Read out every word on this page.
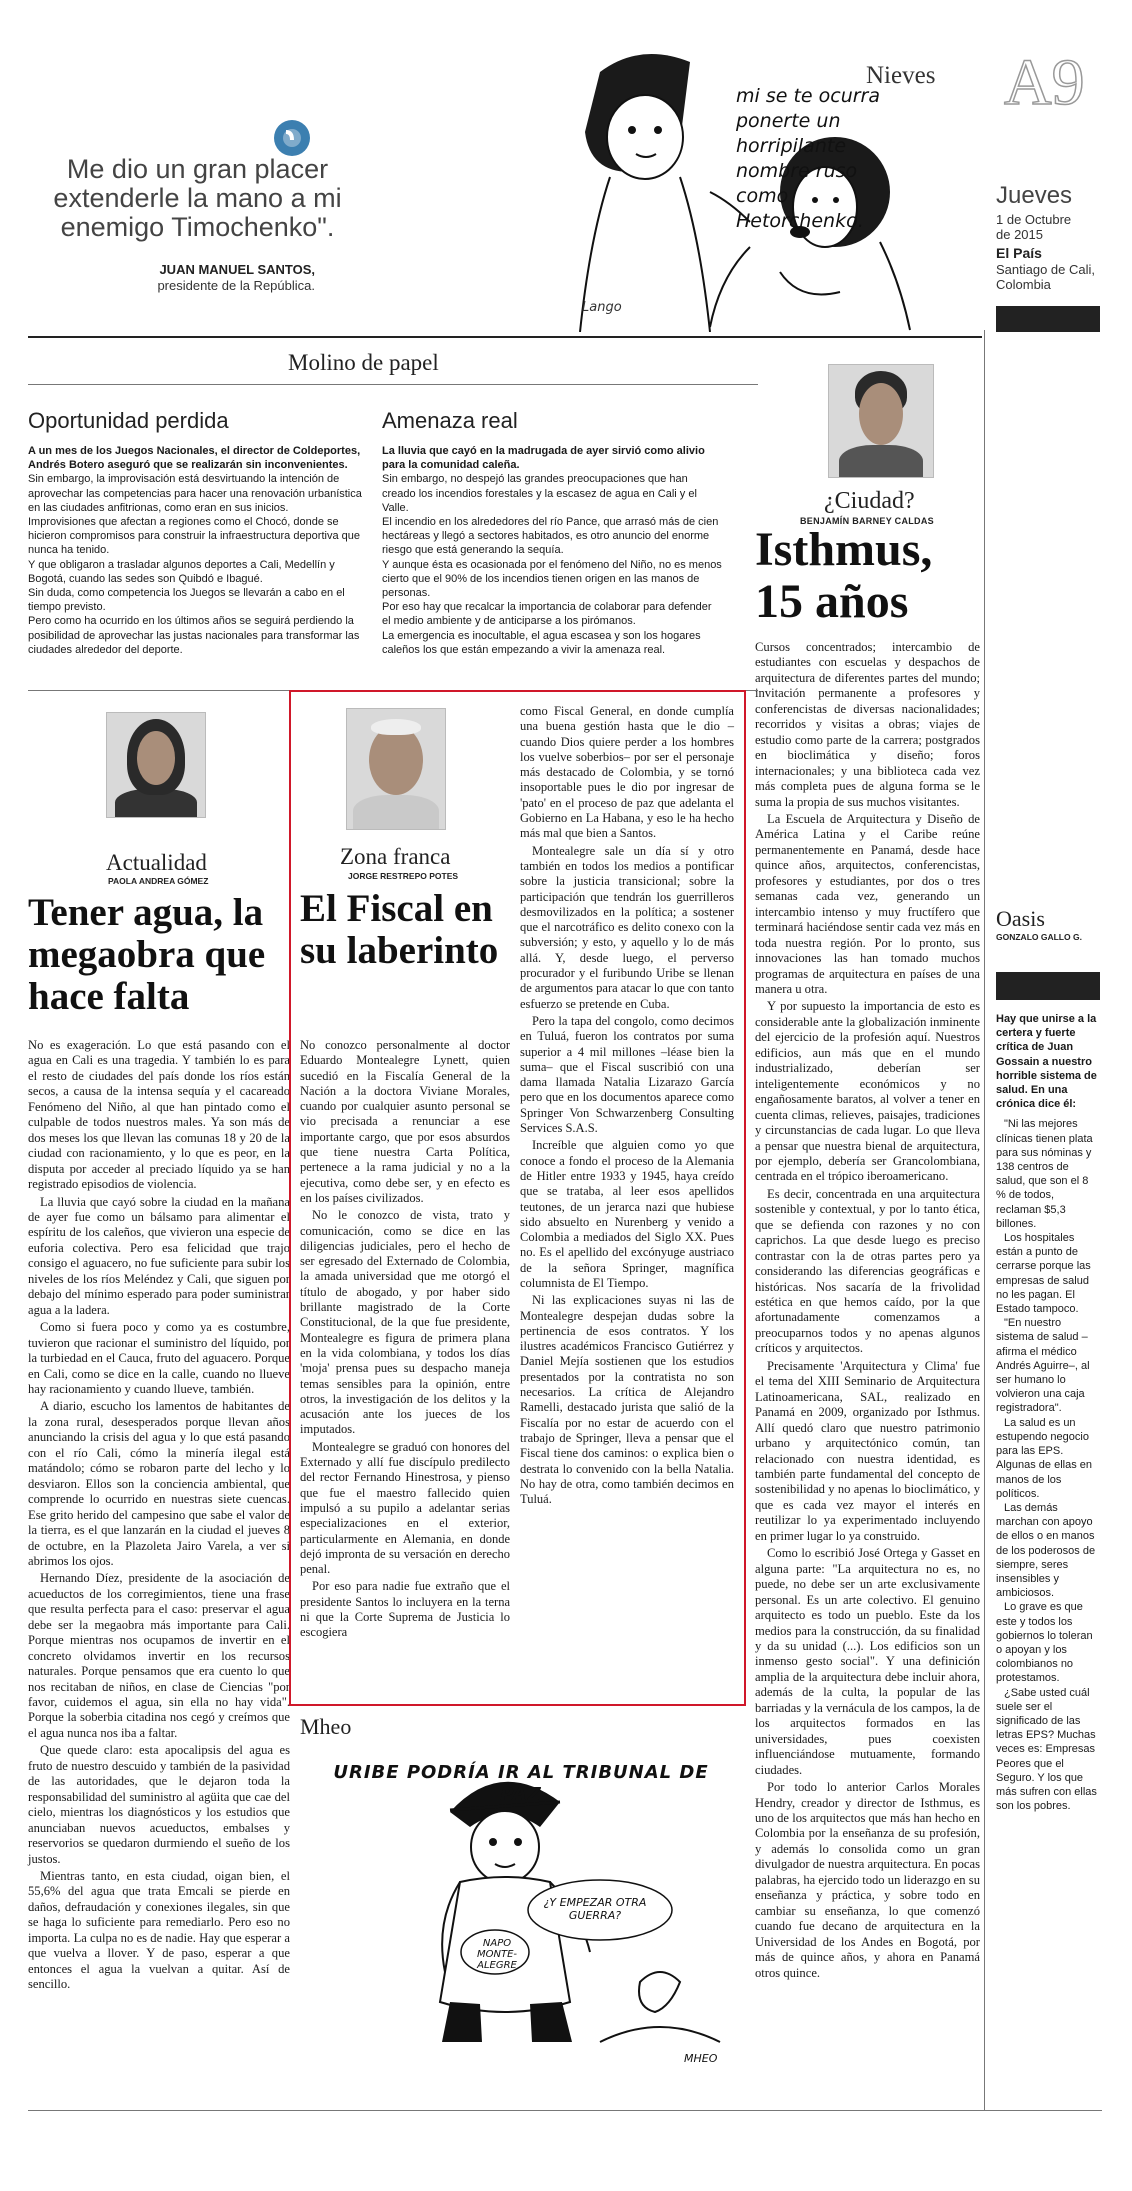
Nieves A9
Jueves
1 de Octubre
de 2015
El País
Santiago de Cali,
Colombia
Me dio un gran placer extenderle la mano a mi enemigo Timochenko".
JUAN MANUEL SANTOS,
presidente de la República.
mi se te ocurra ponerte un horripilante nombre ruso como Hetorchenko.
Lango
Molino de papel
Oportunidad perdida
A un mes de los Juegos Nacionales, el director de Coldeportes, Andrés Botero aseguró que se realizarán sin inconvenientes.
Sin embargo, la improvisación está desvirtuando la intención de aprovechar las competencias para hacer una renovación urbanística en las ciudades anfitrionas, como eran en sus inicios.
Improvisiones que afectan a regiones como el Chocó, donde se hicieron compromisos para construir la infraestructura deportiva que nunca ha tenido.
Y que obligaron a trasladar algunos deportes a Cali, Medellín y Bogotá, cuando las sedes son Quibdó e Ibagué.
Sin duda, como competencia los Juegos se llevarán a cabo en el tiempo previsto.
Pero como ha ocurrido en los últimos años se seguirá perdiendo la posibilidad de aprovechar las justas nacionales para transformar las ciudades alrededor del deporte.
Amenaza real
La lluvia que cayó en la madrugada de ayer sirvió como alivio para la comunidad caleña.
Sin embargo, no despejó las grandes preocupaciones que han creado los incendios forestales y la escasez de agua en Cali y el Valle.
El incendio en los alrededores del río Pance, que arrasó más de cien hectáreas y llegó a sectores habitados, es otro anuncio del enorme riesgo que está generando la sequía.
Y aunque ésta es ocasionada por el fenómeno del Niño, no es menos cierto que el 90% de los incendios tienen origen en las manos de personas.
Por eso hay que recalcar la importancia de colaborar para defender el medio ambiente y de anticiparse a los pirómanos.
La emergencia es inocultable, el agua escasea y son los hogares caleños los que están empezando a vivir la amenaza real.
¿Ciudad?
BENJAMÍN BARNEY CALDAS
Isthmus,
15 años

Cursos concentrados; intercambio de estudiantes con escuelas y despachos de arquitectura de diferentes partes del mundo; invitación permanente a profesores y conferencistas de diversas nacionalidades; recorridos y visitas a obras; viajes de estudio como parte de la carrera; postgrados en bioclimática y diseño; foros internacionales; y una biblioteca cada vez más completa pues de alguna forma se le suma la propia de sus muchos visitantes.

La Escuela de Arquitectura y Diseño de América Latina y el Caribe reúne permanentemente en Panamá, desde hace quince años, arquitectos, conferencistas, profesores y estudiantes, por dos o tres semanas cada vez, generando un intercambio intenso y muy fructífero que terminará haciéndose sentir cada vez más en toda nuestra región. Por lo pronto, sus innovaciones las han tomado muchos programas de arquitectura en países de una manera u otra.

Y por supuesto la importancia de esto es considerable ante la globalización inminente del ejercicio de la profesión aquí. Nuestros edificios, aun más que en el mundo industrializado, deberían ser inteligentemente económicos y no engañosamente baratos, al volver a tener en cuenta climas, relieves, paisajes, tradiciones y circunstancias de cada lugar. Lo que lleva a pensar que nuestra bienal de arquitectura, por ejemplo, debería ser Grancolombiana, centrada en el trópico iberoamericano.

Es decir, concentrada en una arquitectura sostenible y contextual, y por lo tanto ética, que se defienda con razones y no con caprichos. La que desde luego es preciso contrastar con la de otras partes pero ya considerando las diferencias geográficas e históricas. Nos sacaría de la frivolidad estética en que hemos caído, por la que afortunadamente comenzamos a preocuparnos todos y no apenas algunos críticos y arquitectos.

Precisamente 'Arquitectura y Clima' fue el tema del XIII Seminario de Arquitectura Latinoamericana, SAL, realizado en Panamá en 2009, organizado por Isthmus. Allí quedó claro que nuestro patrimonio urbano y arquitectónico común, tan relacionado con nuestra identidad, es también parte fundamental del concepto de sostenibilidad y no apenas lo bioclimático, y que es cada vez mayor el interés en reutilizar lo ya experimentado incluyendo en primer lugar lo ya construido.

Como lo escribió José Ortega y Gasset en alguna parte: "La arquitectura no es, no puede, no debe ser un arte exclusivamente personal. Es un arte colectivo. El genuino arquitecto es todo un pueblo. Este da los medios para la construcción, da su finalidad y da su unidad (...). Los edificios son un inmenso gesto social". Y una definición amplia de la arquitectura debe incluir ahora, además de la culta, la popular de las barriadas y la vernácula de los campos, la de los arquitectos formados en las universidades, pues coexisten influenciándose mutuamente, formando ciudades.

Por todo lo anterior Carlos Morales Hendry, creador y director de Isthmus, es uno de los arquitectos que más han hecho en Colombia por la enseñanza de su profesión, y además lo consolida como un gran divulgador de nuestra arquitectura. En pocas palabras, ha ejercido todo un liderazgo en su enseñanza y práctica, y sobre todo en cambiar su enseñanza, lo que comenzó cuando fue decano de arquitectura en la Universidad de los Andes en Bogotá, por más de quince años, y ahora en Panamá otros quince.

Actualidad
PAOLA ANDREA GÓMEZ
Tener agua, la megaobra que hace falta

No es exageración. Lo que está pasando con el agua en Cali es una tragedia. Y también lo es para el resto de ciudades del país donde los ríos están secos, a causa de la intensa sequía y el cacareado Fenómeno del Niño, al que han pintado como el culpable de todos nuestros males. Ya son más de dos meses los que llevan las comunas 18 y 20 de la ciudad con racionamiento, y lo que es peor, en la disputa por acceder al preciado líquido ya se han registrado episodios de violencia.

La lluvia que cayó sobre la ciudad en la mañana de ayer fue como un bálsamo para alimentar el espíritu de los caleños, que vivieron una especie de euforia colectiva. Pero esa felicidad que trajo consigo el aguacero, no fue suficiente para subir los niveles de los ríos Meléndez y Cali, que siguen por debajo del mínimo esperado para poder suministrar agua a la ladera.

Como si fuera poco y como ya es costumbre, tuvieron que racionar el suministro del líquido, por la turbiedad en el Cauca, fruto del aguacero. Porque en Cali, como se dice en la calle, cuando no llueve hay racionamiento y cuando llueve, también.

A diario, escucho los lamentos de habitantes de la zona rural, desesperados porque llevan años anunciando la crisis del agua y lo que está pasando con el río Cali, cómo la minería ilegal está matándolo; cómo se robaron parte del lecho y lo desviaron. Ellos son la conciencia ambiental, que comprende lo ocurrido en nuestras siete cuencas. Ese grito herido del campesino que sabe el valor de la tierra, es el que lanzarán en la ciudad el jueves 8 de octubre, en la Plazoleta Jairo Varela, a ver si abrimos los ojos.

Hernando Díez, presidente de la asociación de acueductos de los corregimientos, tiene una frase que resulta perfecta para el caso: preservar el agua debe ser la megaobra más importante para Cali. Porque mientras nos ocupamos de invertir en el concreto olvidamos invertir en los recursos naturales. Porque pensamos que era cuento lo que nos recitaban de niños, en clase de Ciencias "por favor, cuidemos el agua, sin ella no hay vida". Porque la soberbia citadina nos cegó y creímos que el agua nunca nos iba a faltar.

Que quede claro: esta apocalipsis del agua es fruto de nuestro descuido y también de la pasividad de las autoridades, que le dejaron toda la responsabilidad del suministro al agüita que cae del cielo, mientras los diagnósticos y los estudios que anunciaban nuevos acueductos, embalses y reservorios se quedaron durmiendo el sueño de los justos.

Mientras tanto, en esta ciudad, oigan bien, el 55,6% del agua que trata Emcali se pierde en daños, defraudación y conexiones ilegales, sin que se haga lo suficiente para remediarlo. Pero eso no importa. La culpa no es de nadie. Hay que esperar a que vuelva a llover. Y de paso, esperar a que entonces el agua la vuelvan a quitar. Así de sencillo.

Zona franca
JORGE RESTREPO POTES
El Fiscal en su laberinto

No conozco personalmente al doctor Eduardo Montealegre Lynett, quien sucedió en la Fiscalía General de la Nación a la doctora Viviane Morales, cuando por cualquier asunto personal se vio precisada a renunciar a ese importante cargo, que por esos absurdos que tiene nuestra Carta Política, pertenece a la rama judicial y no a la ejecutiva, como debe ser, y en efecto es en los países civilizados.

No le conozco de vista, trato y comunicación, como se dice en las diligencias judiciales, pero el hecho de ser egresado del Externado de Colombia, la amada universidad que me otorgó el título de abogado, y por haber sido brillante magistrado de la Corte Constitucional, de la que fue presidente, Montealegre es figura de primera plana en la vida colombiana, y todos los días 'moja' prensa pues su despacho maneja temas sensibles para la opinión, entre otros, la investigación de los delitos y la acusación ante los jueces de los imputados.

Montealegre se graduó con honores del Externado y allí fue discípulo predilecto del rector Fernando Hinestrosa, y pienso que fue el maestro fallecido quien impulsó a su pupilo a adelantar serias especializaciones en el exterior, particularmente en Alemania, en donde dejó impronta de su versación en derecho penal.

Por eso para nadie fue extraño que el presidente Santos lo incluyera en la terna ni que la Corte Suprema de Justicia lo escogiera

como Fiscal General, en donde cumplía una buena gestión hasta que le dio –cuando Dios quiere perder a los hombres los vuelve soberbios– por ser el personaje más destacado de Colombia, y se tornó insoportable pues le dio por ingresar de 'pato' en el proceso de paz que adelanta el Gobierno en La Habana, y eso le ha hecho más mal que bien a Santos.

Montealegre sale un día sí y otro también en todos los medios a pontificar sobre la justicia transicional; sobre la participación que tendrán los guerrilleros desmovilizados en la política; a sostener que el narcotráfico es delito conexo con la subversión; y esto, y aquello y lo de más allá. Y, desde luego, el perverso procurador y el furibundo Uribe se llenan de argumentos para atacar lo que con tanto esfuerzo se pretende en Cuba.

Pero la tapa del congolo, como decimos en Tuluá, fueron los contratos por suma superior a 4 mil millones –léase bien la suma– que el Fiscal suscribió con una dama llamada Natalia Lizarazo García pero que en los documentos aparece como Springer Von Schwarzenberg Consulting Services S.A.S.

Increíble que alguien como yo que conoce a fondo el proceso de la Alemania de Hitler entre 1933 y 1945, haya creído que se trataba, al leer esos apellidos teutones, de un jerarca nazi que hubiese sido absuelto en Nurenberg y venido a Colombia a mediados del Siglo XX. Pues no. Es el apellido del excónyuge austriaco de la señora Springer, magnífica columnista de El Tiempo.

Ni las explicaciones suyas ni las de Montealegre despejan dudas sobre la pertinencia de esos contratos. Y los ilustres académicos Francisco Gutiérrez y Daniel Mejía sostienen que los estudios presentados por la contratista no son necesarios. La crítica de Alejandro Ramelli, destacado jurista que salió de la Fiscalía por no estar de acuerdo con el trabajo de Springer, lleva a pensar que el Fiscal tiene dos caminos: o explica bien o destrata lo convenido con la bella Natalia. No hay de otra, como también decimos en Tuluá.

Mheo
URIBE PODRÍA IR AL TRIBUNAL DE PAZ
NAPO MONTE-ALEGRE
¿Y EMPEZAR OTRA GUERRA?
MHEO
Oasis
GONZALO GALLO G.
Hay que unirse a la certera y fuerte crítica de Juan Gossain a nuestro horrible sistema de salud. En una crónica dice él:
"Ni las mejores clínicas tienen plata para sus nóminas y 138 centros de salud, que son el 8 % de todos, reclaman $5,3 billones.
Los hospitales están a punto de cerrarse porque las empresas de salud no les pagan. El Estado tampoco.
"En nuestro sistema de salud –afirma el médico Andrés Aguirre–, al ser humano lo volvieron una caja registradora".
La salud es un estupendo negocio para las EPS. Algunas de ellas en manos de los políticos.
Las demás marchan con apoyo de ellos o en manos de los poderosos de siempre, seres insensibles y ambiciosos.
Lo grave es que este y todos los gobiernos lo toleran o apoyan y los colombianos no protestamos.
¿Sabe usted cuál suele ser el significado de las letras EPS? Muchas veces es: Empresas Peores que el Seguro. Y los que más sufren con ellas son los pobres.
